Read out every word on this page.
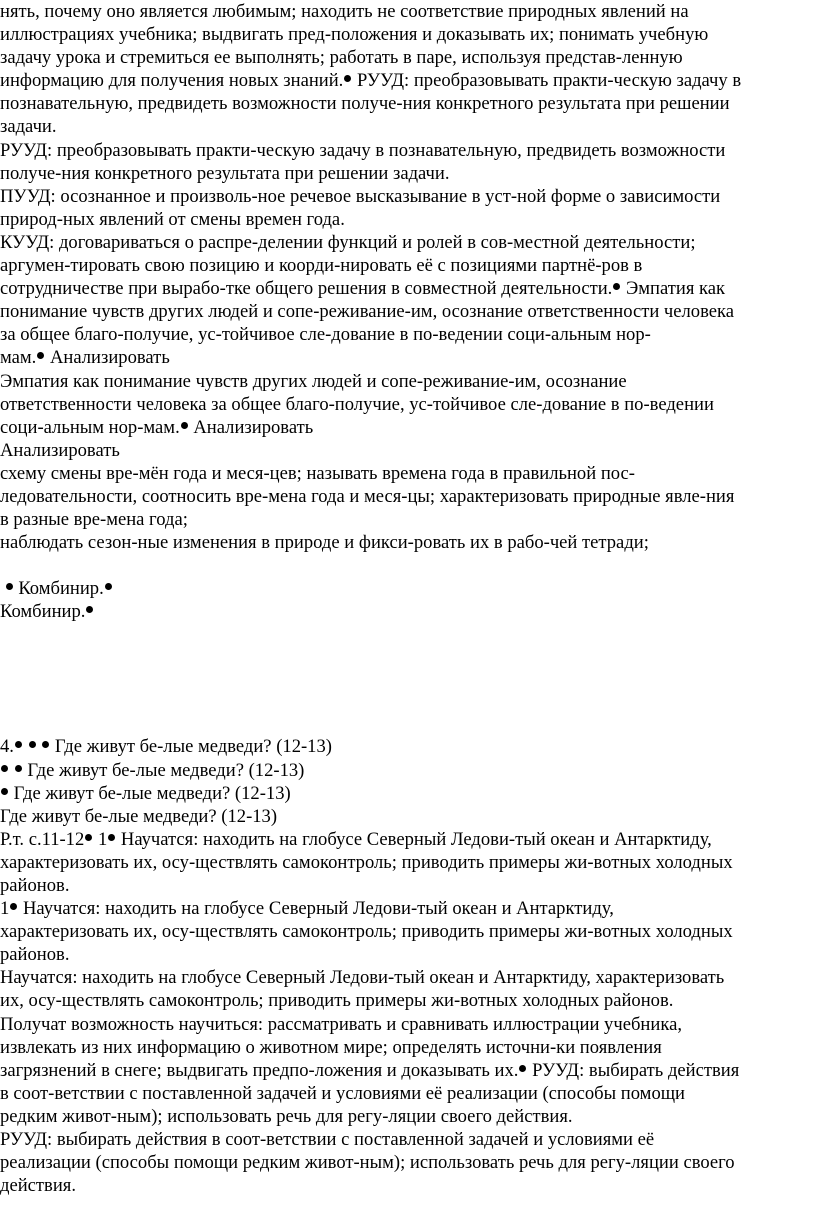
нять, почему оно является любимым; находить не соответствие природных явлений на
иллюстрациях учебника; выдвигать пред-положения и доказывать их; понимать учебную
задачу урока и стремиться ее выполнять; работать в паре, используя представ-ленную
информацию для получения новых знаний. РУУД: преобразовывать практи-ческую задачу в
познавательную, предвидеть возможности получе-ния конкретного результата при решении
задачи.
РУУД: преобразовывать практи-ческую задачу в познавательную, предвидеть возможности
получе-ния конкретного результата при решении задачи.
ПУУД: осознанное и произволь-ное речевое высказывание в уст-ной форме о зависимости
природ-ных явлений от смены времен года.
КУУД: договариваться о распре-делении функций и ролей в сов-местной деятельности;
аргумен-тировать свою позицию и коорди-нировать её с позициями партнё-ров в
сотрудничестве при вырабо-тке общего решения в совместной деятельности. Эмпатия как
понимание чувств других людей и сопе-реживание-им, осознание ответственности человека
за общее благо-получие, ус-тойчивое сле-дование в по-ведении соци-альным нор-
мам. Анализировать
Эмпатия как понимание чувств других людей и сопе-реживание-им, осознание
ответственности человека за общее благо-получие, ус-тойчивое сле-дование в по-ведении
соци-альным нор-мам. Анализировать
Анализировать
схему смены вре-мён года и меся-цев; называть времена года в правильной пос-
ледовательности, соотносить вре-мена года и меся-цы; характеризовать природные явле-ния
в разные вре-мена года;
наблюдать сезон-ные изменения в природе и фикси-ровать их в рабо-чей тетради;

Комбинир.
Комбинир.

4. Где живут бе-лые медведи? (12-13)
Где живут бе-лые медведи? (12-13)
Где живут бе-лые медведи? (12-13)
Где живут бе-лые медведи? (12-13)
Р.т. с.11-12 1 Научатся: находить на глобусе Северный Ледови-тый океан и Антарктиду,
характеризовать их, осу-ществлять самоконтроль; приводить примеры жи-вотных холодных
районов.
1 Научатся: находить на глобусе Северный Ледови-тый океан и Антарктиду,
характеризовать их, осу-ществлять самоконтроль; приводить примеры жи-вотных холодных
районов.
Научатся: находить на глобусе Северный Ледови-тый океан и Антарктиду, характеризовать
их, осу-ществлять самоконтроль; приводить примеры жи-вотных холодных районов.
Получат возможность научиться: рассматривать и сравнивать иллюстрации учебника,
извлекать из них информацию о животном мире; определять источни-ки появления
загрязнений в снеге; выдвигать предпо-ложения и доказывать их. РУУД: выбирать действия
в соот-ветствии с поставленной задачей и условиями её реализации (способы помощи
редким живот-ным); использовать речь для регу-ляции своего действия.
РУУД: выбирать действия в соот-ветствии с поставленной задачей и условиями её
реализации (способы помощи редким живот-ным); использовать речь для регу-ляции своего
действия.
